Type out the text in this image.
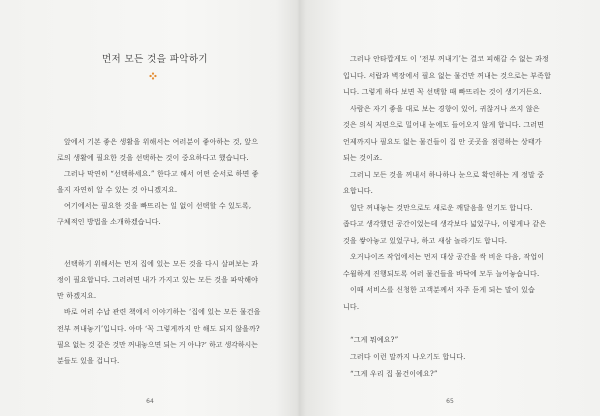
먼저 모든 것을 파악하기
앞에서 기본 좋은 생활을 위해서는 여러분이 좋아하는 것, 앞으
로의 생활에 필요한 것을 선택하는 것이 중요하다고 했습니다.
그러나 막연히 “선택하세요.” 한다고 해서 어떤 순서로 하면 좋
을지 자연히 알 수 있는 것 아니겠지요.
여기에서는 필요한 것을 빠뜨리는 일 없이 선택할 수 있도록,
구체적인 방법을 소개하겠습니다.
선택하기 위해서는 먼저 집에 있는 모든 것을 다시 살펴보는 과
정이 필요합니다. 그러려면 내가 가지고 있는 모든 것을 파악해야
만 하겠지요.
바로 여러 수납 관련 책에서 이야기하는 ‘집에 있는 모든 물건을
전부 꺼내놓기’입니다. 아마 ‘꼭 그렇게까지 안 해도 되지 않을까?
필요 없는 것 같은 것만 꺼내놓으면 되는 거 아냐?’ 하고 생각하시는
분들도 있을 겁니다.
64
그러나 안타깝게도 이 ‘전부 꺼내기’는 결코 피해갈 수 없는 과정
입니다. 서랍과 벽장에서 필요 없는 물건만 꺼내는 것으로는 부족합
니다. 그렇게 하다 보면 꼭 선택할 때 빠뜨리는 것이 생기거든요.
사람은 자기 좋을 대로 보는 경향이 있어, 귀찮거나 쓰지 않은
것은 의식 저편으로 밀어내 눈에도 들어오지 않게 합니다. 그러면
언제까지나 필요도 없는 물건들이 집 안 곳곳을 점령하는 상태가
되는 것이죠.
그러니 모든 것을 꺼내서 하나하나 눈으로 확인하는 게 정말 중
요합니다.
일단 꺼내놓는 것만으로도 새로운 깨달음을 얻기도 합니다.
좁다고 생각했던 공간이었는데 생각보다 넓었구나, 이렇게나 같은
것을 쌓아놓고 있었구나, 하고 새삼 놀라기도 합니다.
오거나이즈 작업에서는 먼저 대상 공간을 싹 비운 다음, 작업이
수월하게 진행되도록 여러 물건들을 바닥에 모두 늘어놓습니다.
이때 서비스를 신청한 고객분께서 자주 듣게 되는 말이 있습
니다.
“그게 뭐예요?”
그러다 이런 말까지 나오기도 합니다.
“그게 우리 집 물건이에요?”
65
